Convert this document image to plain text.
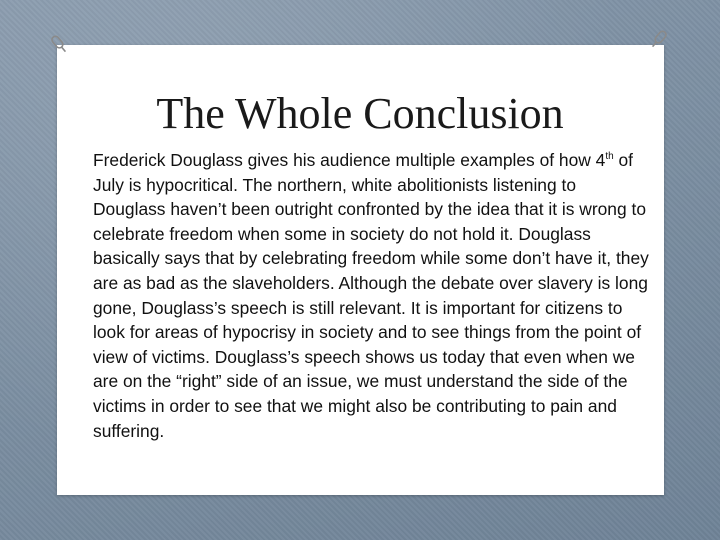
The Whole Conclusion

Frederick Douglass gives his audience multiple examples of how 4th of July is hypocritical. The northern, white abolitionists listening to Douglass haven’t been outright confronted by the idea that it is wrong to celebrate freedom when some in society do not hold it. Douglass basically says that by celebrating freedom while some don’t have it, they are as bad as the slaveholders. Although the debate over slavery is long gone, Douglass’s speech is still relevant. It is important for citizens to look for areas of hypocrisy in society and to see things from the point of view of victims. Douglass’s speech shows us today that even when we are on the “right” side of an issue, we must understand the side of the victims in order to see that we might also be contributing to pain and suffering.
